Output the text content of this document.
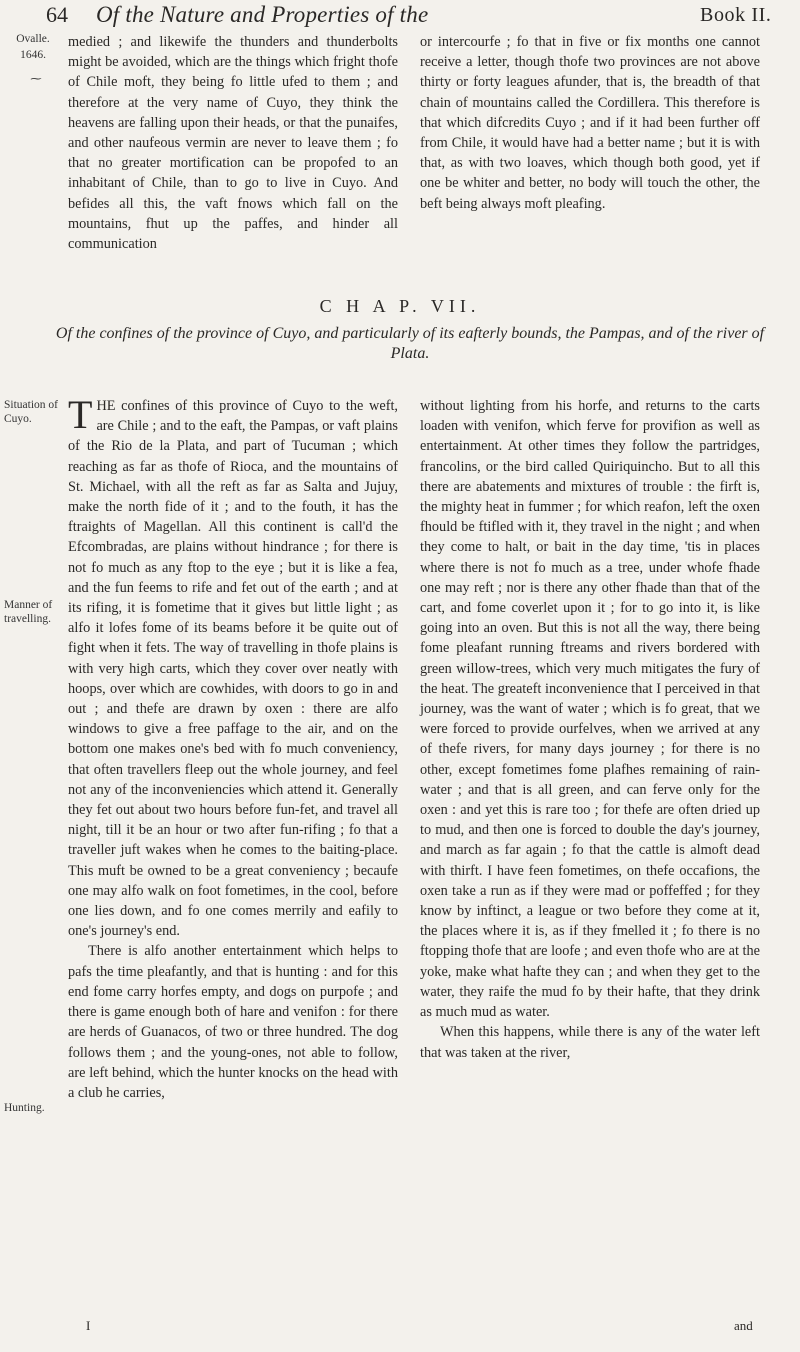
64 Of the Nature and Properties of the	Book II.
Ovalle.
1646.
⁓
Situation of Cuyo.
Manner of travelling.
Hunting.

medied ; and likewife the thunders and thunderbolts might be avoided, which are the things which fright thofe of Chile moft, they being fo little ufed to them ; and therefore at the very name of Cuyo, they think the heavens are falling upon their heads, or that the punaifes, and other naufeous vermin are never to leave them ; fo that no greater mortification can be propofed to an inhabitant of Chile, than to go to live in Cuyo. And befides all this, the vaft fnows which fall on the mountains, fhut up the paffes, and hinder all communication

or intercourfe ; fo that in five or fix months one cannot receive a letter, though thofe two provinces are not above thirty or forty leagues afunder, that is, the breadth of that chain of mountains called the Cordillera. This therefore is that which difcredits Cuyo ; and if it had been further off from Chile, it would have had a better name ; but it is with that, as with two loaves, which though both good, yet if one be whiter and better, no body will touch the other, the beft being always moft pleafing.

C H A P. VII.
Of the confines of the province of Cuyo, and particularly of its eafterly bounds, the Pampas, and of the river of Plata.

THE confines of this province of Cuyo to the weft, are Chile ; and to the eaft, the Pampas, or vaft plains of the Rio de la Plata, and part of Tucuman ; which reaching as far as thofe of Rioca, and the mountains of St. Michael, with all the reft as far as Salta and Jujuy, make the north fide of it ; and to the fouth, it has the ftraights of Magellan. All this continent is call'd the Efcombradas, are plains without hindrance ; for there is not fo much as any ftop to the eye ; but it is like a fea, and the fun feems to rife and fet out of the earth ; and at its rifing, it is fometime that it gives but little light ; as alfo it lofes fome of its beams before it be quite out of fight when it fets. The way of travelling in thofe plains is with very high carts, which they cover over neatly with hoops, over which are cowhides, with doors to go in and out ; and thefe are drawn by oxen : there are alfo windows to give a free paffage to the air, and on the bottom one makes one's bed with fo much conveniency, that often travellers fleep out the whole journey, and feel not any of the inconveniencies which attend it. Generally they fet out about two hours before fun-fet, and travel all night, till it be an hour or two after fun-rifing ; fo that a traveller juft wakes when he comes to the baiting-place. This muft be owned to be a great conveniency ; becaufe one may alfo walk on foot fometimes, in the cool, before one lies down, and fo one comes merrily and eafily to one's journey's end.

There is alfo another entertainment which helps to pafs the time pleafantly, and that is hunting : and for this end fome carry horfes empty, and dogs on purpofe ; and there is game enough both of hare and venifon : for there are herds of Guanacos, of two or three hundred. The dog follows them ; and the young-ones, not able to follow, are left behind, which the hunter knocks on the head with a club he carries,

without lighting from his horfe, and returns to the carts loaden with venifon, which ferve for provifion as well as entertainment. At other times they follow the partridges, francolins, or the bird called Quiriquincho. But to all this there are abatements and mixtures of trouble : the firft is, the mighty heat in fummer ; for which reafon, left the oxen fhould be ftifled with it, they travel in the night ; and when they come to halt, or bait in the day time, 'tis in places where there is not fo much as a tree, under whofe fhade one may reft ; nor is there any other fhade than that of the cart, and fome coverlet upon it ; for to go into it, is like going into an oven. But this is not all the way, there being fome pleafant running ftreams and rivers bordered with green willow-trees, which very much mitigates the fury of the heat. The greateft inconvenience that I perceived in that journey, was the want of water ; which is fo great, that we were forced to provide ourfelves, when we arrived at any of thefe rivers, for many days journey ; for there is no other, except fometimes fome plafhes remaining of rain-water ; and that is all green, and can ferve only for the oxen : and yet this is rare too ; for thefe are often dried up to mud, and then one is forced to double the day's journey, and march as far again ; fo that the cattle is almoft dead with thirft. I have feen fometimes, on thefe occafions, the oxen take a run as if they were mad or poffeffed ; for they know by inftinct, a league or two before they come at it, the places where it is, as if they fmelled it ; fo there is no ftopping thofe that are loofe ; and even thofe who are at the yoke, make what hafte they can ; and when they get to the water, they raife the mud fo by their hafte, that they drink as much mud as water.

When this happens, while there is any of the water left that was taken at the river,

I	and
